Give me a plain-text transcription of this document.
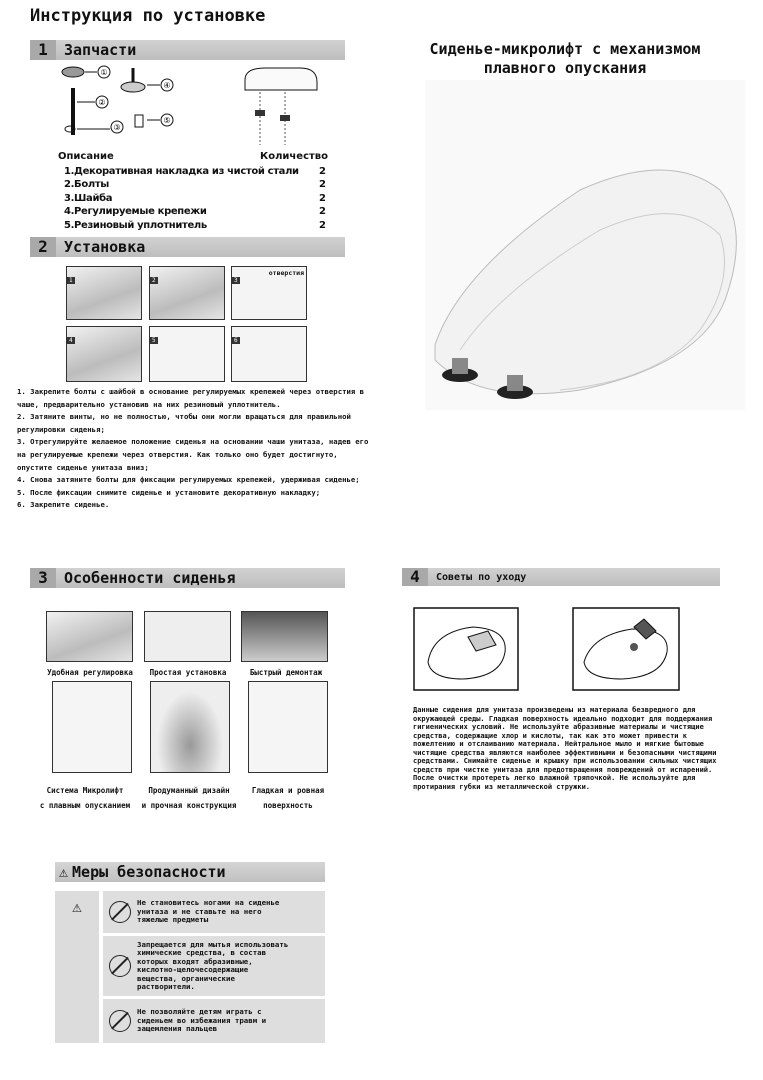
Инструкция по установке
1	Запчасти
①
②
③
④
⑤
Описание	Количество
1.Декоративная накладка из чистой стали 2
2.Болты	2
3.Шайба	2
4.Регулируемые крепежи	2
5.Резиновый уплотнитель	2
2	Установка
1	2	3
отверстия
4	5	6
1. Закрепите болты с шайбой в основание регулируемых крепежей через отверстия в чаше, предварительно установив на них резиновый уплотнитель.
2. Затяните винты, но не полностью, чтобы они могли вращаться для правильной регулировки сиденья;
3. Отрегулируйте желаемое положение сиденья на основании чаши унитаза, надев его на регулируемые крепежи через отверстия. Как только оно будет достигнуто, опустите сиденье унитаза вниз;
4. Снова затяните болты для фиксации регулируемых крепежей, удерживая сиденье;
5. После фиксации снимите сиденье и установите декоративную накладку;
6. Закрепите сиденье.
Сиденье-микролифт с механизмом
плавного опускания
3	Особенности сиденья
Удобная регулировка	Простая установка	Быстрый демонтаж
Система Микролифт
с плавным опусканием
Продуманный дизайн
и прочная конструкция
Гладкая и ровная
поверхность
4	Советы по уходу
Данные сидения для унитаза произведены из материала безвредного для окружающей среды. Гладкая поверхность идеально подходит для поддержания гигиенических условий. Не используйте абразивные материалы и чистящие средства, содержащие хлор и кислоты, так как это может привести к пожелтению и отслаиванию материала. Нейтральное мыло и мягкие бытовые чистящие средства являются наиболее эффективными и безопасными чистящими средствами. Снимайте сиденье и крышку при использовании сильных чистящих средств при чистке унитаза для предотвращения повреждений от испарений. После очистки протереть легко влажной тряпочкой. Не используйте для протирания губки из металлической стружки.
⚠ Меры безопасности
⚠	Не становитесь ногами на сиденье унитаза и не ставьте на него тяжелые предметы
Запрещается для мытья использовать химические средства, в состав которых входят абразивные, кислотно-щелочесодержащие вещества, органические растворители.
Не позволяйте детям играть с сиденьем во избежания травм и защемления пальцев
